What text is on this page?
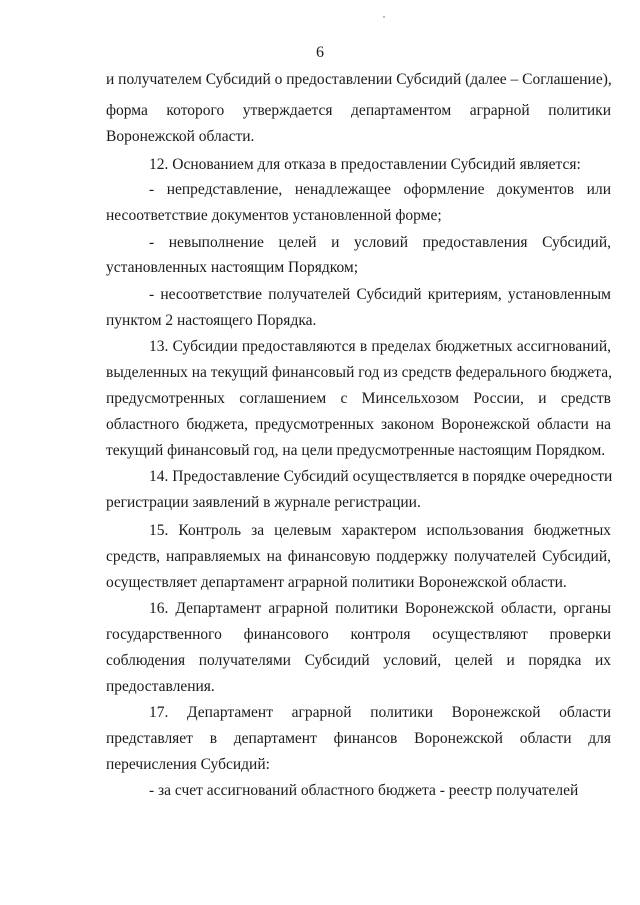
6
и получателем Субсидий о предоставлении Субсидий (далее – Соглашение),
форма которого утверждается департаментом аграрной политики
Воронежской области.
12. Основанием для отказа в предоставлении Субсидий является:
- непредставление, ненадлежащее оформление документов или
несоответствие документов установленной форме;
- невыполнение целей и условий предоставления Субсидий,
установленных настоящим Порядком;
- несоответствие получателей Субсидий критериям, установленным
пунктом 2 настоящего Порядка.
13. Субсидии предоставляются в пределах бюджетных ассигнований,
выделенных на текущий финансовый год из средств федерального бюджета,
предусмотренных соглашением с Минсельхозом России, и средств
областного бюджета, предусмотренных законом Воронежской области на
текущий финансовый год, на цели предусмотренные настоящим Порядком.
14. Предоставление Субсидий осуществляется в порядке очередности
регистрации заявлений в журнале регистрации.
15. Контроль за целевым характером использования бюджетных
средств, направляемых на финансовую поддержку получателей Субсидий,
осуществляет департамент аграрной политики Воронежской области.
16. Департамент аграрной политики Воронежской области, органы
государственного финансового контроля осуществляют проверки
соблюдения получателями Субсидий условий, целей и порядка их
предоставления.
17. Департамент аграрной политики Воронежской области
представляет в департамент финансов Воронежской области для
перечисления Субсидий:
- за счет ассигнований областного бюджета - реестр получателей
